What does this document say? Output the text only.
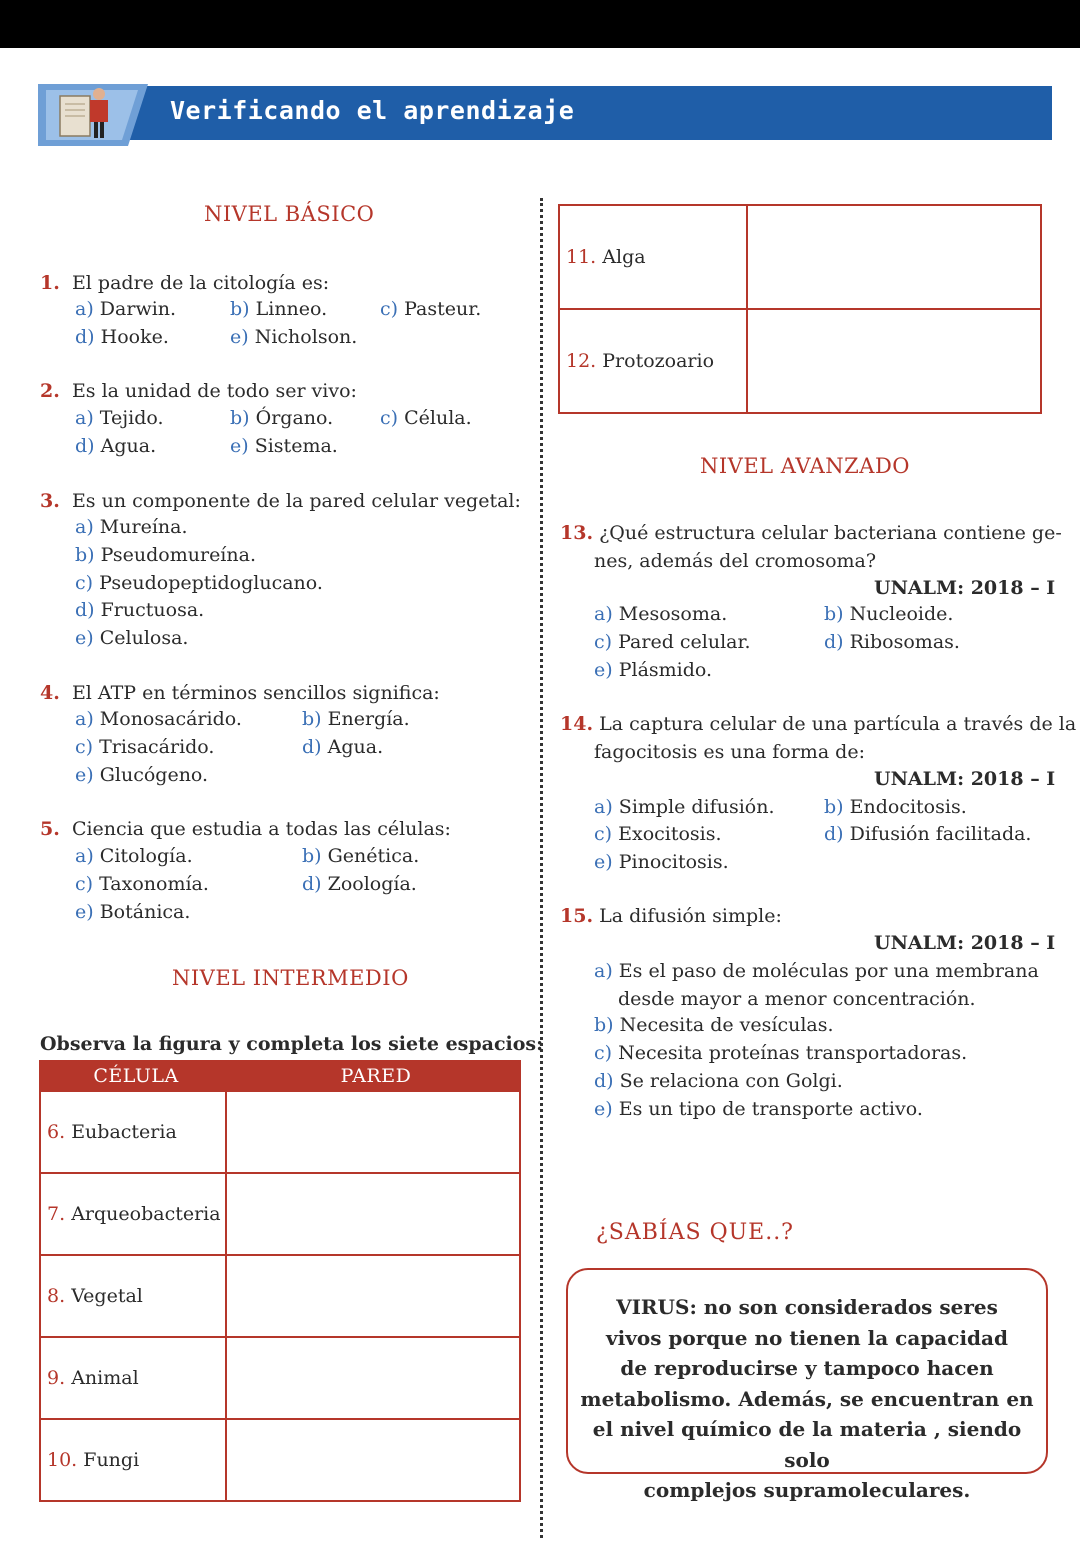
Verificando el aprendizaje
NIVEL BÁSICO
1. El padre de la citología es:
a) Darwin.	b) Linneo.	c) Pasteur.
d) Hooke.	e) Nicholson.
2. Es la unidad de todo ser vivo:
a) Tejido.	b) Órgano. c) Célula.
d) Agua.	e) Sistema.
3. Es un componente de la pared celular vegetal:
a) Mureína.
b) Pseudomureína.
c) Pseudopeptidoglucano.
d) Fructuosa.
e) Celulosa.
4. El ATP en términos sencillos significa:
a) Monosacárido.	b) Energía.
c) Trisacárido.	d) Agua.
e) Glucógeno.
5. Ciencia que estudia a todas las células:
a) Citología.	b) Genética.
c) Taxonomía.	d) Zoología.
e) Botánica.
NIVEL INTERMEDIO
Observa la figura y completa los siete espacios:
CÉLULA	PARED
6. Eubacteria	
7. Arqueobacteria	
8. Vegetal	
9. Animal	
10. Fungi	
11. Alga	
12. Protozoario	
NIVEL AVANZADO
13. ¿Qué estructura celular bacteriana contiene ge-
nes, además del cromosoma?
UNALM: 2018 – I
a) Mesosoma.	b) Nucleoide.
c) Pared celular.	d) Ribosomas.
e) Plásmido.
14. La captura celular de una partícula a través de la
fagocitosis es una forma de:
UNALM: 2018 – I
a) Simple difusión.	b) Endocitosis.
c) Exocitosis.	d) Difusión facilitada.
e) Pinocitosis.
15. La difusión simple:
UNALM: 2018 – I
a) Es el paso de moléculas por una membrana
desde mayor a menor concentración.
b) Necesita de vesículas.
c) Necesita proteínas transportadoras.
d) Se relaciona con Golgi.
e) Es un tipo de transporte activo.
¿SABÍAS QUE..?
VIRUS: no son considerados seres
vivos porque no tienen la capacidad
de reproducirse y tampoco hacen
metabolismo. Además, se encuentran en
el nivel químico de la materia , siendo solo
complejos supramoleculares.
